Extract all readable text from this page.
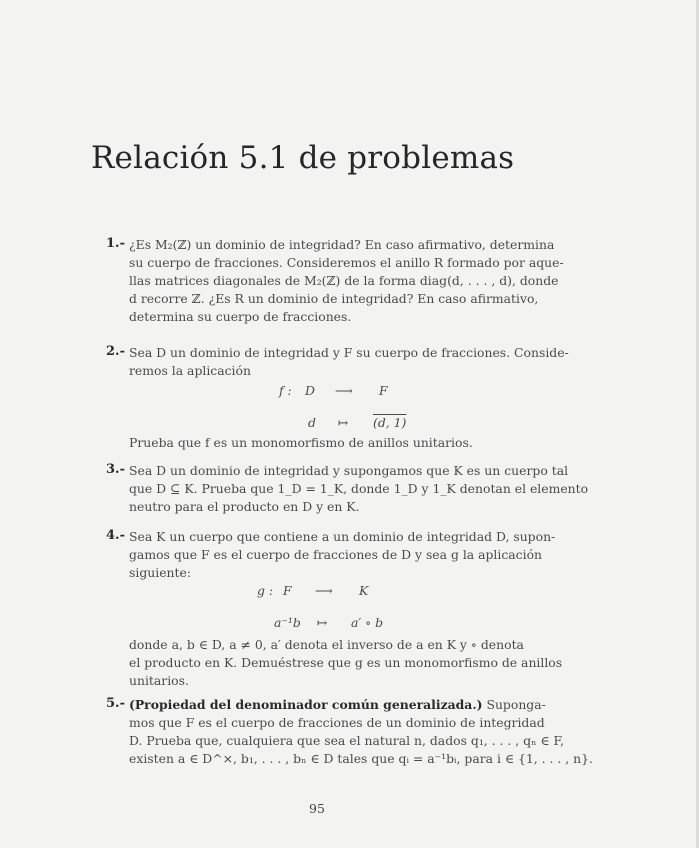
Relación 5.1 de problemas
1.- ¿Es M₂(ℤ) un dominio de integridad? En caso afirmativo, determina
su cuerpo de fracciones. Consideremos el anillo R formado por aque-
llas matrices diagonales de M₂(ℤ) de la forma diag(d, . . . , d), donde
d recorre ℤ. ¿Es R un dominio de integridad? En caso afirmativo,
determina su cuerpo de fracciones.
2.- Sea D un dominio de integridad y F su cuerpo de fracciones. Conside-
remos la aplicación
f : D ⟶ F
d ↦ (d, 1)
Prueba que f es un monomorfismo de anillos unitarios.
3.- Sea D un dominio de integridad y supongamos que K es un cuerpo tal
que D ⊆ K. Prueba que 1_D = 1_K, donde 1_D y 1_K denotan el elemento
neutro para el producto en D y en K.
4.- Sea K un cuerpo que contiene a un dominio de integridad D, supon-
gamos que F es el cuerpo de fracciones de D y sea g la aplicación
siguiente:
g : F ⟶ K
a⁻¹b ↦ a′ ∘ b
donde a, b ∈ D, a ≠ 0, a′ denota el inverso de a en K y ∘ denota
el producto en K. Demuéstrese que g es un monomorfismo de anillos
unitarios.
5.- (Propiedad del denominador común generalizada.) Suponga-
mos que F es el cuerpo de fracciones de un dominio de integridad
D. Prueba que, cualquiera que sea el natural n, dados q₁, . . . , qₙ ∈ F,
existen a ∈ D^×, b₁, . . . , bₙ ∈ D tales que qᵢ = a⁻¹bᵢ, para i ∈ {1, . . . , n}.
95
